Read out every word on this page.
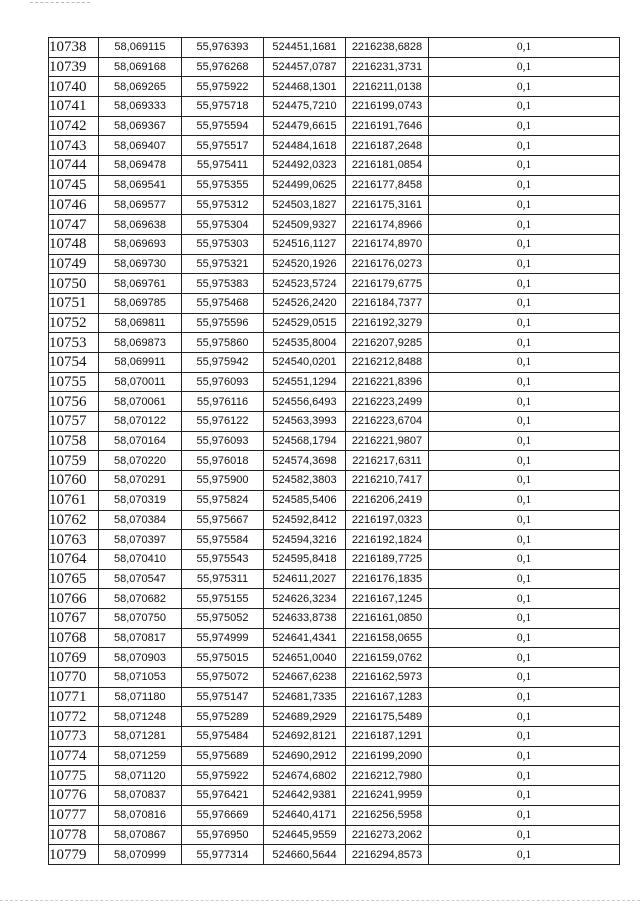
10738	58,069115	55,976393	524451,1681	2216238,6828	0,1
10739	58,069168	55,976268	524457,0787	2216231,3731	0,1
10740	58,069265	55,975922	524468,1301	2216211,0138	0,1
10741	58,069333	55,975718	524475,7210	2216199,0743	0,1
10742	58,069367	55,975594	524479,6615	2216191,7646	0,1
10743	58,069407	55,975517	524484,1618	2216187,2648	0,1
10744	58,069478	55,975411	524492,0323	2216181,0854	0,1
10745	58,069541	55,975355	524499,0625	2216177,8458	0,1
10746	58,069577	55,975312	524503,1827	2216175,3161	0,1
10747	58,069638	55,975304	524509,9327	2216174,8966	0,1
10748	58,069693	55,975303	524516,1127	2216174,8970	0,1
10749	58,069730	55,975321	524520,1926	2216176,0273	0,1
10750	58,069761	55,975383	524523,5724	2216179,6775	0,1
10751	58,069785	55,975468	524526,2420	2216184,7377	0,1
10752	58,069811	55,975596	524529,0515	2216192,3279	0,1
10753	58,069873	55,975860	524535,8004	2216207,9285	0,1
10754	58,069911	55,975942	524540,0201	2216212,8488	0,1
10755	58,070011	55,976093	524551,1294	2216221,8396	0,1
10756	58,070061	55,976116	524556,6493	2216223,2499	0,1
10757	58,070122	55,976122	524563,3993	2216223,6704	0,1
10758	58,070164	55,976093	524568,1794	2216221,9807	0,1
10759	58,070220	55,976018	524574,3698	2216217,6311	0,1
10760	58,070291	55,975900	524582,3803	2216210,7417	0,1
10761	58,070319	55,975824	524585,5406	2216206,2419	0,1
10762	58,070384	55,975667	524592,8412	2216197,0323	0,1
10763	58,070397	55,975584	524594,3216	2216192,1824	0,1
10764	58,070410	55,975543	524595,8418	2216189,7725	0,1
10765	58,070547	55,975311	524611,2027	2216176,1835	0,1
10766	58,070682	55,975155	524626,3234	2216167,1245	0,1
10767	58,070750	55,975052	524633,8738	2216161,0850	0,1
10768	58,070817	55,974999	524641,4341	2216158,0655	0,1
10769	58,070903	55,975015	524651,0040	2216159,0762	0,1
10770	58,071053	55,975072	524667,6238	2216162,5973	0,1
10771	58,071180	55,975147	524681,7335	2216167,1283	0,1
10772	58,071248	55,975289	524689,2929	2216175,5489	0,1
10773	58,071281	55,975484	524692,8121	2216187,1291	0,1
10774	58,071259	55,975689	524690,2912	2216199,2090	0,1
10775	58,071120	55,975922	524674,6802	2216212,7980	0,1
10776	58,070837	55,976421	524642,9381	2216241,9959	0,1
10777	58,070816	55,976669	524640,4171	2216256,5958	0,1
10778	58,070867	55,976950	524645,9559	2216273,2062	0,1
10779	58,070999	55,977314	524660,5644	2216294,8573	0,1
